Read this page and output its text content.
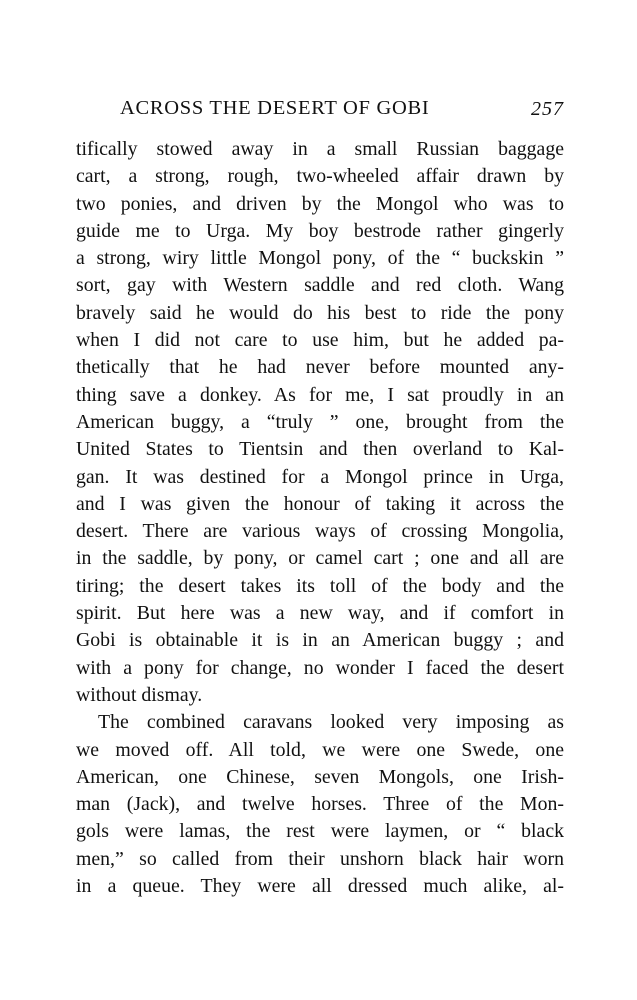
ACROSS THE DESERT OF GOBI	257
tifically stowed away in a small Russian baggage
cart, a strong, rough, two-wheeled affair drawn by
two ponies, and driven by the Mongol who was to
guide me to Urga. My boy bestrode rather gingerly
a strong, wiry little Mongol pony, of the “ buckskin ”
sort, gay with Western saddle and red cloth. Wang
bravely said he would do his best to ride the pony
when I did not care to use him, but he added pa-
thetically that he had never before mounted any-
thing save a donkey. As for me, I sat proudly in an
American buggy, a “truly ” one, brought from the
United States to Tientsin and then overland to Kal-
gan. It was destined for a Mongol prince in Urga,
and I was given the honour of taking it across the
desert. There are various ways of crossing Mongolia,
in the saddle, by pony, or camel cart ; one and all are
tiring; the desert takes its toll of the body and the
spirit. But here was a new way, and if comfort in
Gobi is obtainable it is in an American buggy ; and
with a pony for change, no wonder I faced the desert
without dismay.
The combined caravans looked very imposing as
we moved off. All told, we were one Swede, one
American, one Chinese, seven Mongols, one Irish-
man (Jack), and twelve horses. Three of the Mon-
gols were lamas, the rest were laymen, or “ black
men,” so called from their unshorn black hair worn
in a queue. They were all dressed much alike, al-
